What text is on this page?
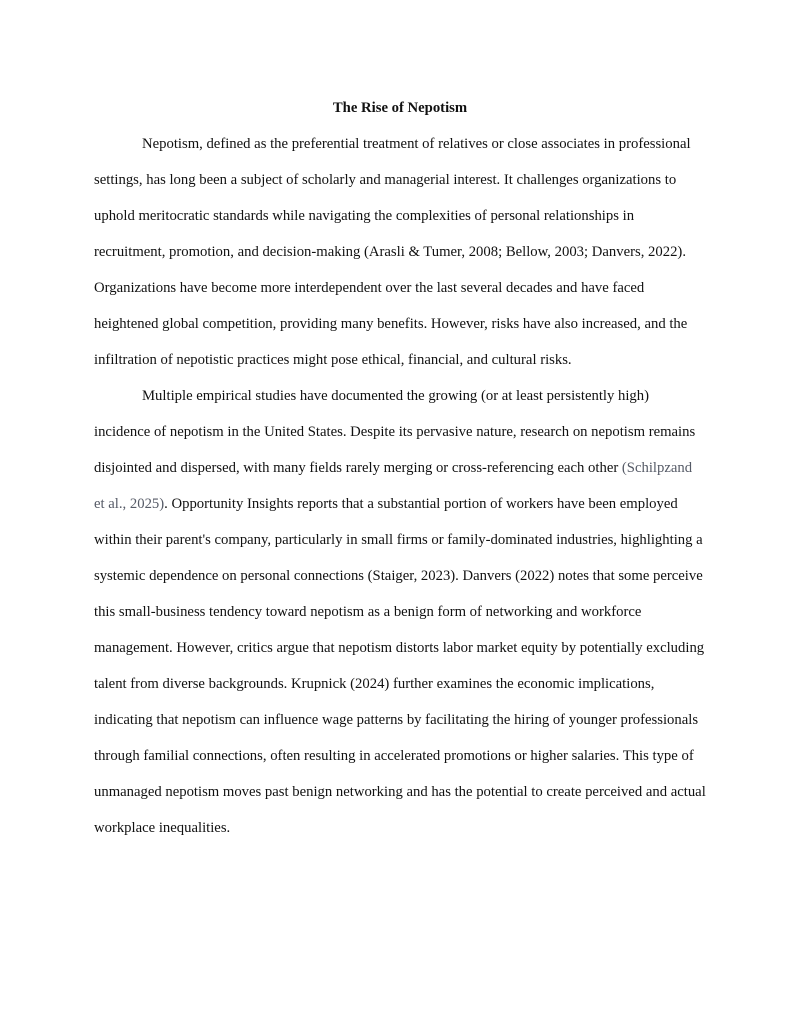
The Rise of Nepotism

Nepotism, defined as the preferential treatment of relatives or close associates in professional settings, has long been a subject of scholarly and managerial interest. It challenges organizations to uphold meritocratic standards while navigating the complexities of personal relationships in recruitment, promotion, and decision-making (Arasli & Tumer, 2008; Bellow, 2003; Danvers, 2022). Organizations have become more interdependent over the last several decades and have faced heightened global competition, providing many benefits. However, risks have also increased, and the infiltration of nepotistic practices might pose ethical, financial, and cultural risks.

Multiple empirical studies have documented the growing (or at least persistently high) incidence of nepotism in the United States. Despite its pervasive nature, research on nepotism remains disjointed and dispersed, with many fields rarely merging or cross-referencing each other (Schilpzand et al., 2025). Opportunity Insights reports that a substantial portion of workers have been employed within their parent's company, particularly in small firms or family-dominated industries, highlighting a systemic dependence on personal connections (Staiger, 2023). Danvers (2022) notes that some perceive this small-business tendency toward nepotism as a benign form of networking and workforce management. However, critics argue that nepotism distorts labor market equity by potentially excluding talent from diverse backgrounds. Krupnick (2024) further examines the economic implications, indicating that nepotism can influence wage patterns by facilitating the hiring of younger professionals through familial connections, often resulting in accelerated promotions or higher salaries. This type of unmanaged nepotism moves past benign networking and has the potential to create perceived and actual workplace inequalities.
